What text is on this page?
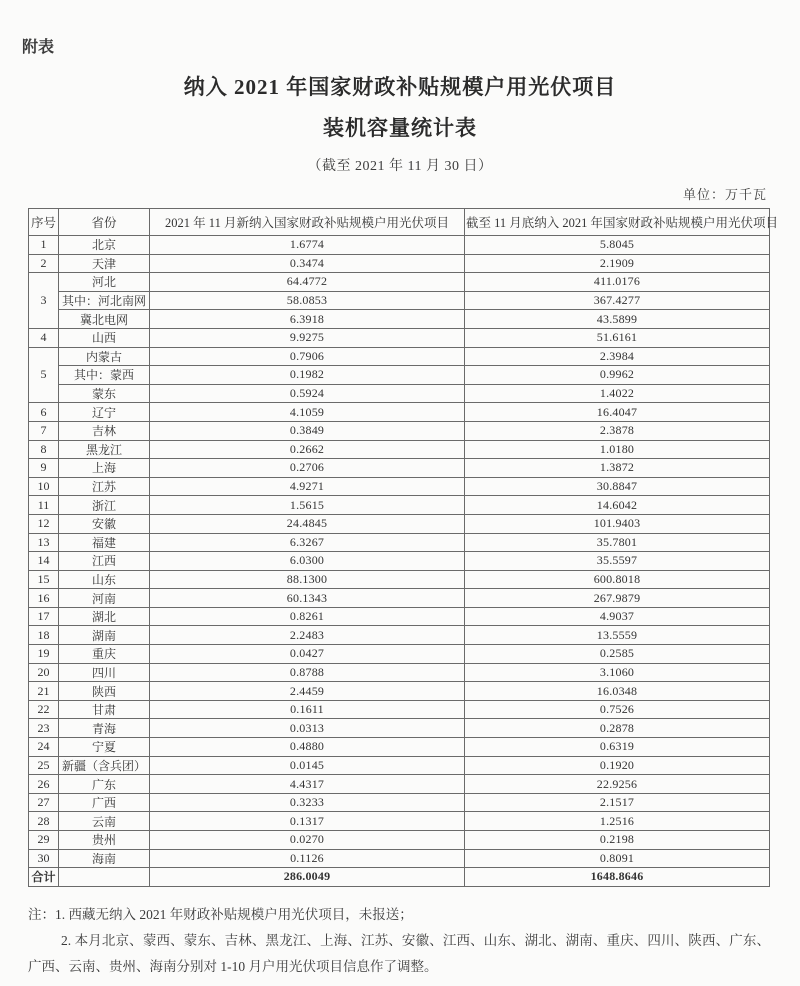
附表
纳入 2021 年国家财政补贴规模户用光伏项目
装机容量统计表
（截至 2021 年 11 月 30 日）
单位：万千瓦
序号	省份	2021 年 11 月新纳入国家财政补贴规模户用光伏项目	截至 11 月底纳入 2021 年国家财政补贴规模户用光伏项目
1	北京	1.6774	5.8045
2	天津	0.3474	2.1909
3	河北	64.4772	411.0176
	其中：河北南网	58.0853	367.4277
	冀北电网	6.3918	43.5899
4	山西	9.9275	51.6161
5	内蒙古	0.7906	2.3984
	其中：蒙西	0.1982	0.9962
	蒙东	0.5924	1.4022
6	辽宁	4.1059	16.4047
7	吉林	0.3849	2.3878
8	黑龙江	0.2662	1.0180
9	上海	0.2706	1.3872
10	江苏	4.9271	30.8847
11	浙江	1.5615	14.6042
12	安徽	24.4845	101.9403
13	福建	6.3267	35.7801
14	江西	6.0300	35.5597
15	山东	88.1300	600.8018
16	河南	60.1343	267.9879
17	湖北	0.8261	4.9037
18	湖南	2.2483	13.5559
19	重庆	0.0427	0.2585
20	四川	0.8788	3.1060
21	陕西	2.4459	16.0348
22	甘肃	0.1611	0.7526
23	青海	0.0313	0.2878
24	宁夏	0.4880	0.6319
25	新疆（含兵团）	0.0145	0.1920
26	广东	4.4317	22.9256
27	广西	0.3233	2.1517
28	云南	0.1317	1.2516
29	贵州	0.0270	0.2198
30	海南	0.1126	0.8091
合计		286.0049	1648.8646

注：1. 西藏无纳入 2021 年财政补贴规模户用光伏项目，未报送；

2. 本月北京、蒙西、蒙东、吉林、黑龙江、上海、江苏、安徽、江西、山东、湖北、湖南、重庆、四川、陕西、广东、广西、云南、贵州、海南分别对 1-10 月户用光伏项目信息作了调整。
